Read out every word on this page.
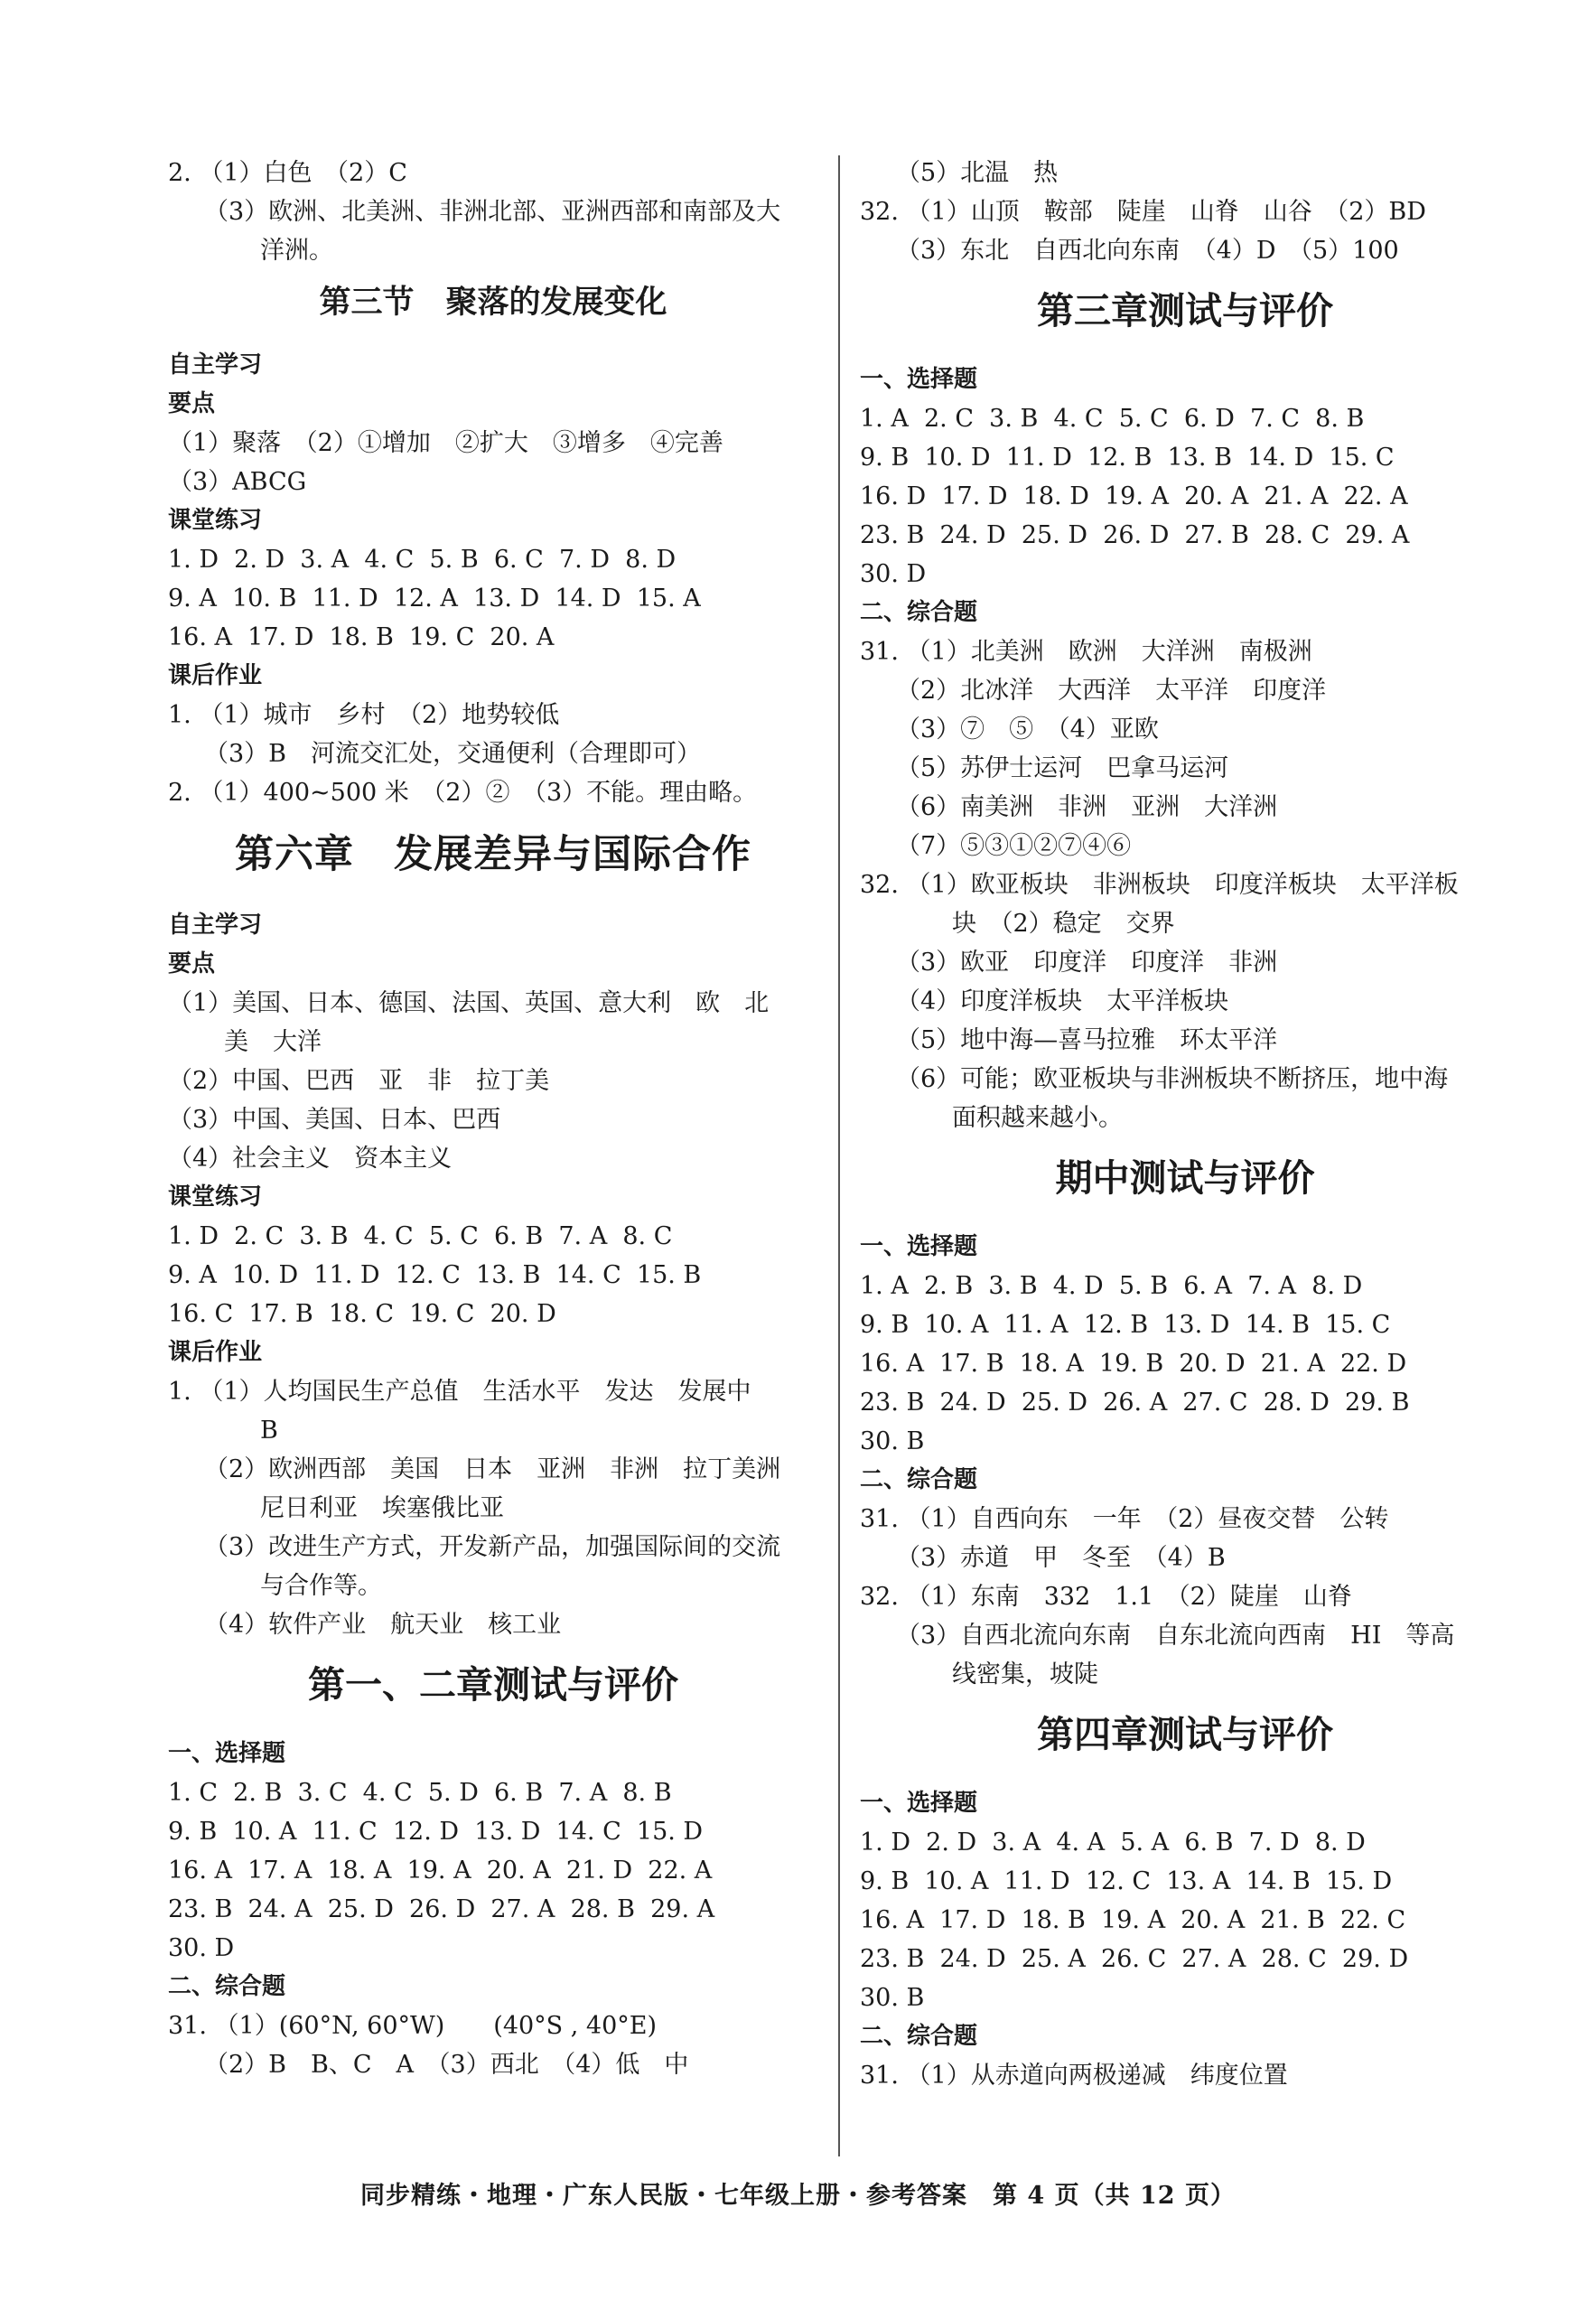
2. （1）白色　（2）C
（3）欧洲、北美洲、非洲北部、亚洲西部和南部及大
洋洲。
第三节　聚落的发展变化
自主学习
要点
（1）聚落　（2）①增加　②扩大　③增多　④完善
（3）ABCG
课堂练习
1. D  2. D  3. A  4. C  5. B  6. C  7. D  8. D
9. A  10. B  11. D  12. A  13. D  14. D  15. A
16. A  17. D  18. B  19. C  20. A
课后作业
1. （1）城市　乡村　（2）地势较低
（3）B　河流交汇处，交通便利（合理即可）
2. （1）400~500 米　（2）②　（3）不能。理由略。
第六章　发展差异与国际合作
自主学习
要点
（1）美国、日本、德国、法国、英国、意大利　欧　北
美　大洋
（2）中国、巴西　亚　非　拉丁美
（3）中国、美国、日本、巴西
（4）社会主义　资本主义
课堂练习
1. D  2. C  3. B  4. C  5. C  6. B  7. A  8. C
9. A  10. D  11. D  12. C  13. B  14. C  15. B
16. C  17. B  18. C  19. C  20. D
课后作业
1. （1）人均国民生产总值　生活水平　发达　发展中
B
（2）欧洲西部　美国　日本　亚洲　非洲　拉丁美洲
尼日利亚　埃塞俄比亚
（3）改进生产方式，开发新产品，加强国际间的交流
与合作等。
（4）软件产业　航天业　核工业
第一、二章测试与评价
一、选择题
1. C  2. B  3. C  4. C  5. D  6. B  7. A  8. B
9. B  10. A  11. C  12. D  13. D  14. C  15. D
16. A  17. A  18. A  19. A  20. A  21. D  22. A
23. B  24. A  25. D  26. D  27. A  28. B  29. A
30. D
二、综合题
31. （1）(60°N, 60°W)　　(40°S , 40°E)
（2）B　B、C　A　（3）西北　（4）低　中
（5）北温　热
32. （1）山顶　鞍部　陡崖　山脊　山谷　（2）BD
（3）东北　自西北向东南　（4）D　（5）100
第三章测试与评价
一、选择题
1. A  2. C  3. B  4. C  5. C  6. D  7. C  8. B
9. B  10. D  11. D  12. B  13. B  14. D  15. C
16. D  17. D  18. D  19. A  20. A  21. A  22. A
23. B  24. D  25. D  26. D  27. B  28. C  29. A
30. D
二、综合题
31. （1）北美洲　欧洲　大洋洲　南极洲
（2）北冰洋　大西洋　太平洋　印度洋
（3）⑦　⑤　（4）亚欧
（5）苏伊士运河　巴拿马运河
（6）南美洲　非洲　亚洲　大洋洲
（7）⑤③①②⑦④⑥
32. （1）欧亚板块　非洲板块　印度洋板块　太平洋板
块　（2）稳定　交界
（3）欧亚　印度洋　印度洋　非洲
（4）印度洋板块　太平洋板块
（5）地中海—喜马拉雅　环太平洋
（6）可能；欧亚板块与非洲板块不断挤压，地中海
面积越来越小。
期中测试与评价
一、选择题
1. A  2. B  3. B  4. D  5. B  6. A  7. A  8. D
9. B  10. A  11. A  12. B  13. D  14. B  15. C
16. A  17. B  18. A  19. B  20. D  21. A  22. D
23. B  24. D  25. D  26. A  27. C  28. D  29. B
30. B
二、综合题
31. （1）自西向东　一年　（2）昼夜交替　公转
（3）赤道　甲　冬至　（4）B
32. （1）东南　332　1.1　（2）陡崖　山脊
（3）自西北流向东南　自东北流向西南　HI　等高
线密集，坡陡
第四章测试与评价
一、选择题
1. D  2. D  3. A  4. A  5. A  6. B  7. D  8. D
9. B  10. A  11. D  12. C  13. A  14. B  15. D
16. A  17. D  18. B  19. A  20. A  21. B  22. C
23. B  24. D  25. A  26. C  27. A  28. C  29. D
30. B
二、综合题
31. （1）从赤道向两极递减　纬度位置
同步精练・地理・广东人民版・七年级上册・参考答案　第 4 页（共 12 页）
